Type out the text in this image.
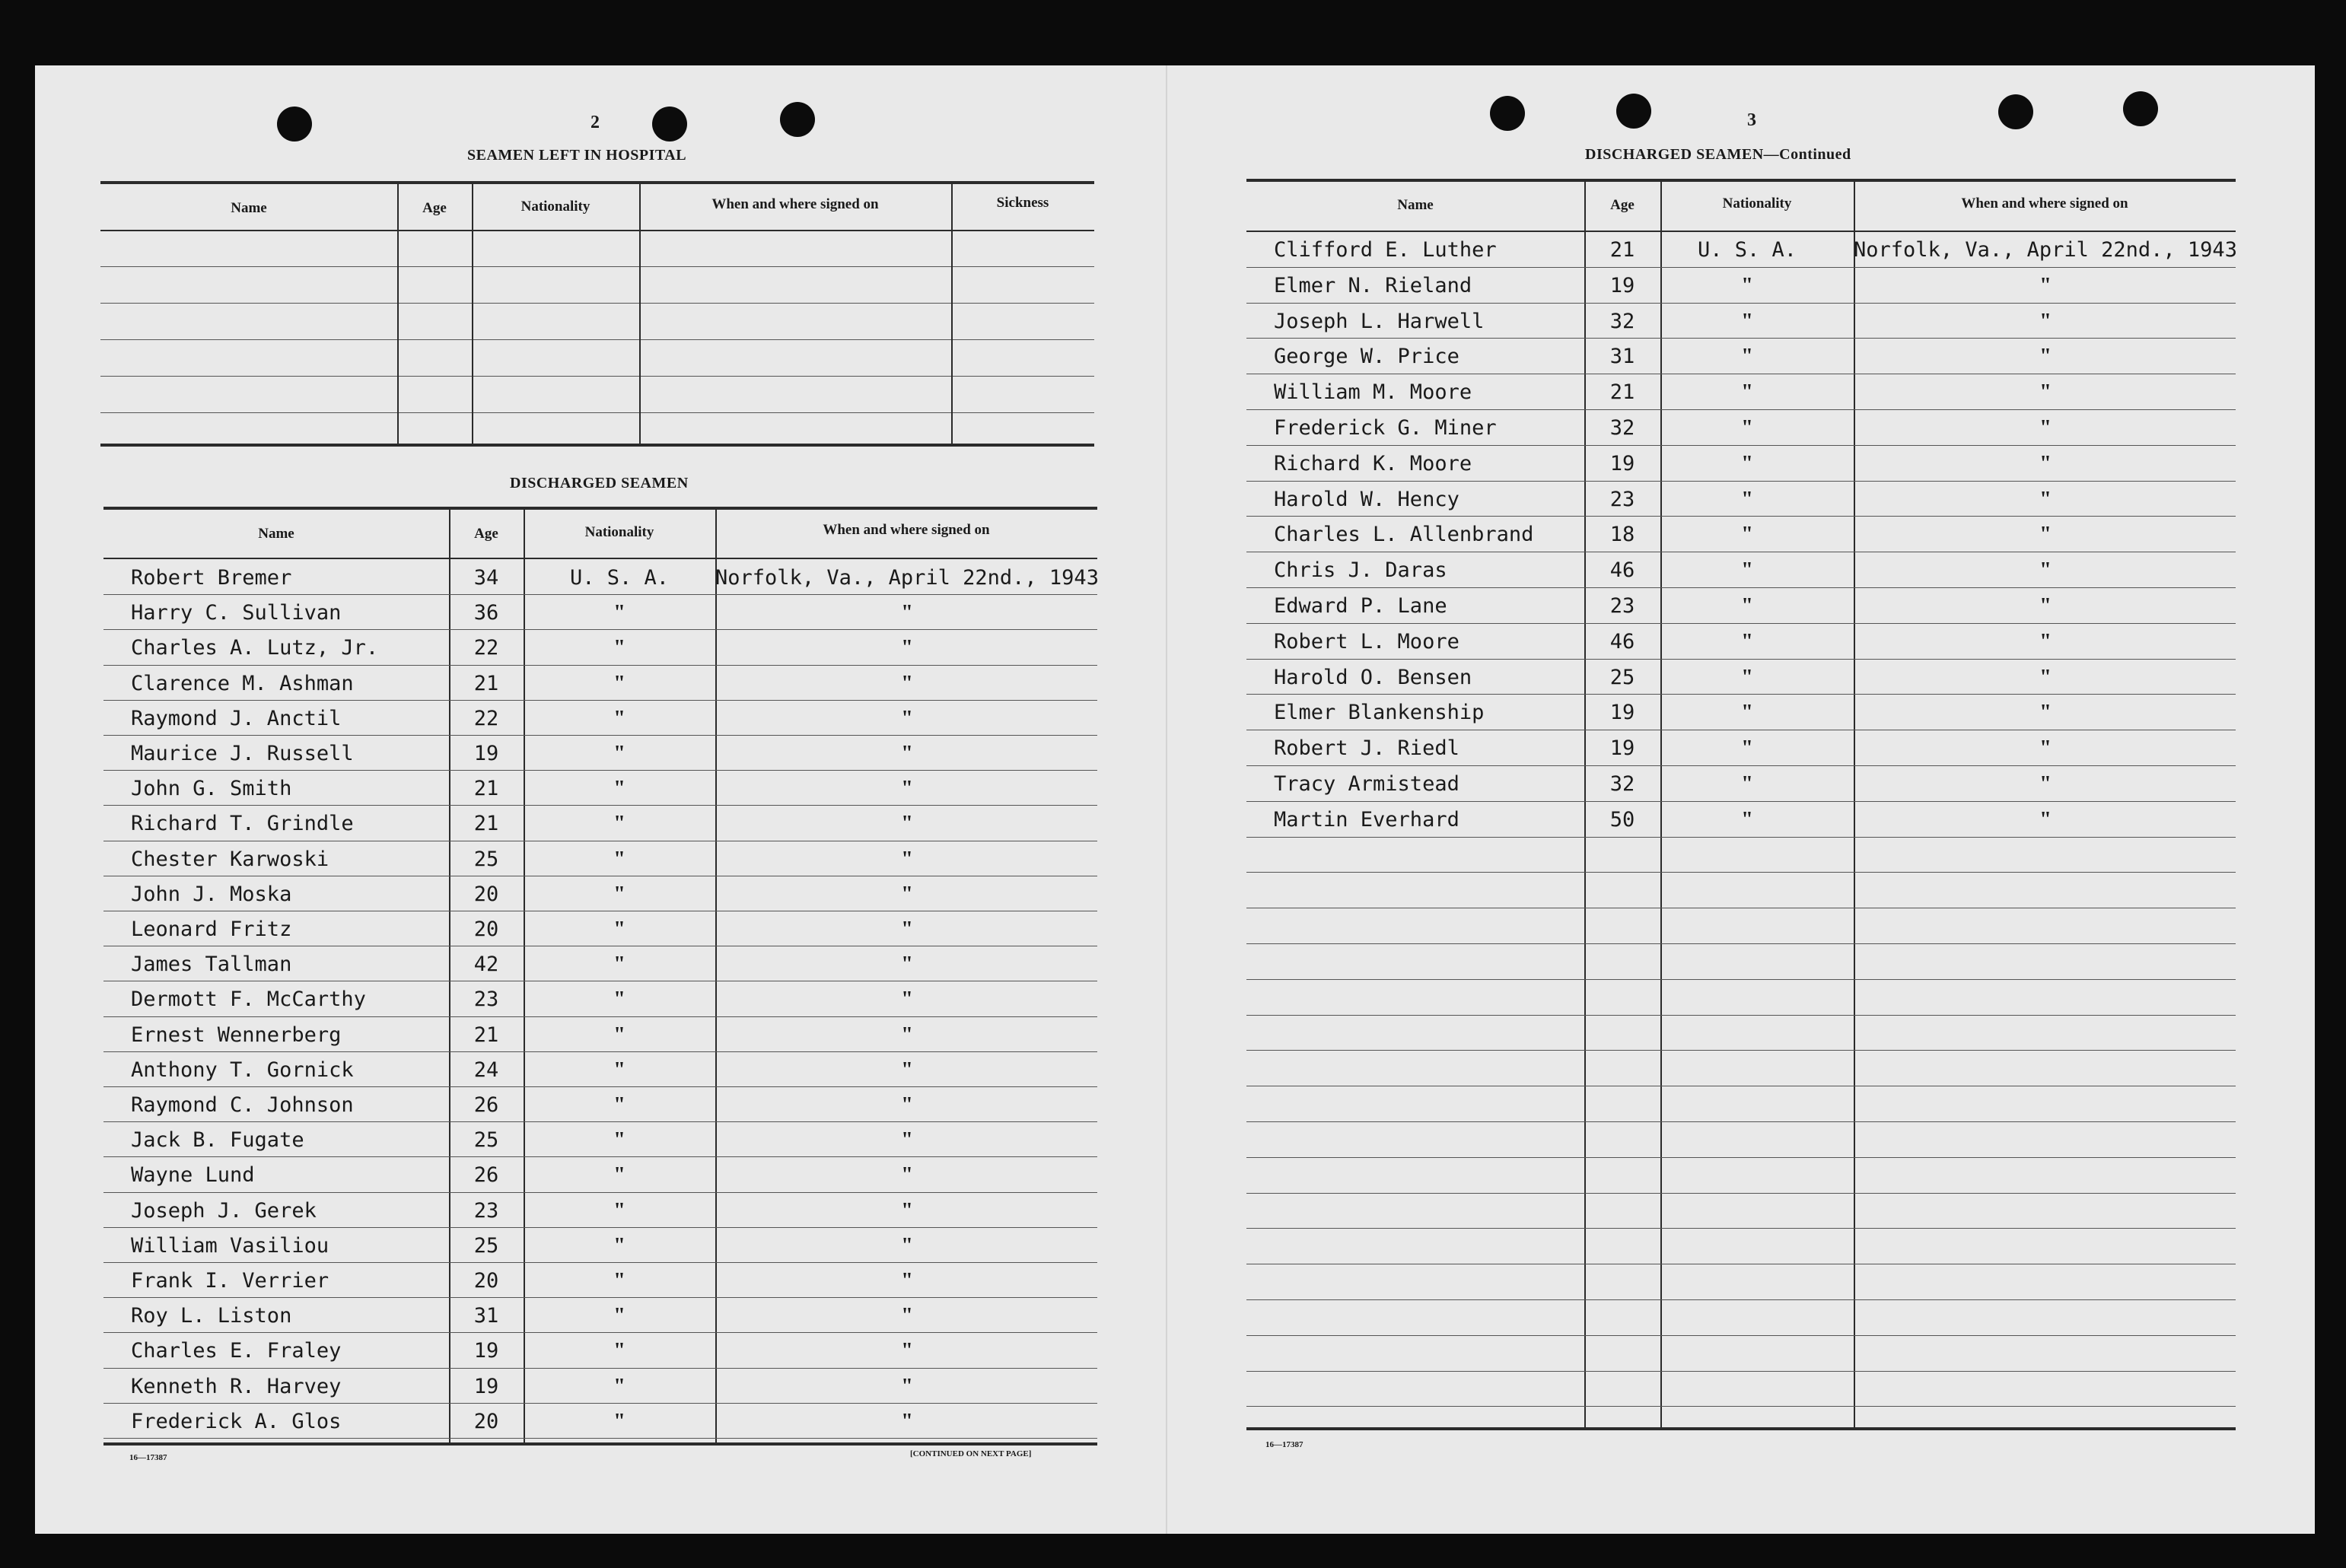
2
SEAMEN LEFT IN HOSPITAL
Name	Age	Nationality	When and where signed on	Sickness
DISCHARGED SEAMEN
Name	Age	Nationality	When and where signed on
Robert Bremer	34	U. S. A.	Norfolk, Va., April 22nd., 1943
Harry C. Sullivan	36	"	"
Charles A. Lutz, Jr.	22	"	"
Clarence M. Ashman	21	"	"
Raymond J. Anctil	22	"	"
Maurice J. Russell	19	"	"
John G. Smith	21	"	"
Richard T. Grindle	21	"	"
Chester Karwoski	25	"	"
John J. Moska	20	"	"
Leonard Fritz	20	"	"
James Tallman	42	"	"
Dermott F. McCarthy	23	"	"
Ernest Wennerberg	21	"	"
Anthony T. Gornick	24	"	"
Raymond C. Johnson	26	"	"
Jack B. Fugate	25	"	"
Wayne Lund	26	"	"
Joseph J. Gerek	23	"	"
William Vasiliou	25	"	"
Frank I. Verrier	20	"	"
Roy L. Liston	31	"	"
Charles E. Fraley	19	"	"
Kenneth R. Harvey	19	"	"
Frederick A. Glos	20	"	"
16—17387	[CONTINUED ON NEXT PAGE]
3
DISCHARGED SEAMEN—Continued
Name	Age	Nationality	When and where signed on
Clifford E. Luther	21	U. S. A.	Norfolk, Va., April 22nd., 1943
Elmer N. Rieland	19	"	"
Joseph L. Harwell	32	"	"
George W. Price	31	"	"
William M. Moore	21	"	"
Frederick G. Miner	32	"	"
Richard K. Moore	19	"	"
Harold W. Hency	23	"	"
Charles L. Allenbrand	18	"	"
Chris J. Daras	46	"	"
Edward P. Lane	23	"	"
Robert L. Moore	46	"	"
Harold O. Bensen	25	"	"
Elmer Blankenship	19	"	"
Robert J. Riedl	19	"	"
Tracy Armistead	32	"	"
Martin Everhard	50	"	"
16—17387
